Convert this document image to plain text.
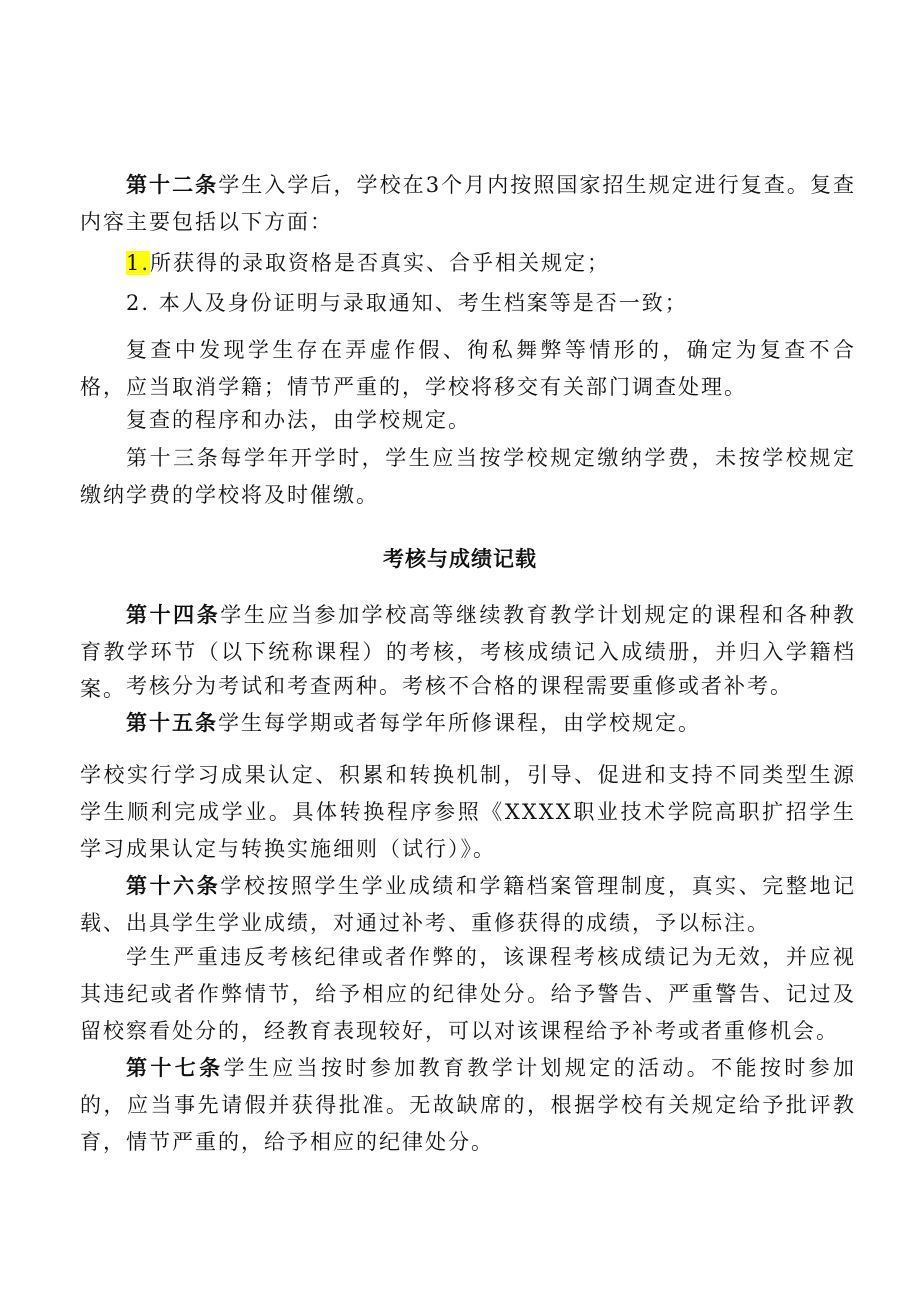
第十二条学生入学后，学校在3个月内按照国家招生规定进行复查。复查内容主要包括以下方面：
1.所获得的录取资格是否真实、合乎相关规定；
2. 本人及身份证明与录取通知、考生档案等是否一致；
复查中发现学生存在弄虚作假、徇私舞弊等情形的，确定为复查不合格，应当取消学籍；情节严重的，学校将移交有关部门调查处理。
复查的程序和办法，由学校规定。
第十三条每学年开学时，学生应当按学校规定缴纳学费，未按学校规定缴纳学费的学校将及时催缴。
考核与成绩记载
第十四条学生应当参加学校高等继续教育教学计划规定的课程和各种教育教学环节（以下统称课程）的考核，考核成绩记入成绩册，并归入学籍档案。 考核分为考试和考查两种。考核不合格的课程需要重修或者补考。
第十五条学生每学期或者每学年所修课程，由学校规定。
学校实行学习成果认定、积累和转换机制，引导、促进和支持不同类型生源学生顺利完成学业。具体转换程序参照《XXXX职业技术学院高职扩招学生学习成果认定与转换实施细则（试行）》。
第十六条学校按照学生学业成绩和学籍档案管理制度，真实、完整地记载、出具学生学业成绩，对通过补考、重修获得的成绩，予以标注。
学生严重违反考核纪律或者作弊的，该课程考核成绩记为无效，并应视其违纪或者作弊情节，给予相应的纪律处分。给予警告、严重警告、记过及留校察看处分的，经教育表现较好，可以对该课程给予补考或者重修机会。
第十七条学生应当按时参加教育教学计划规定的活动。不能按时参加的，应当事先请假并获得批准。无故缺席的，根据学校有关规定给予批评教育，情节严重的，给予相应的纪律处分。
